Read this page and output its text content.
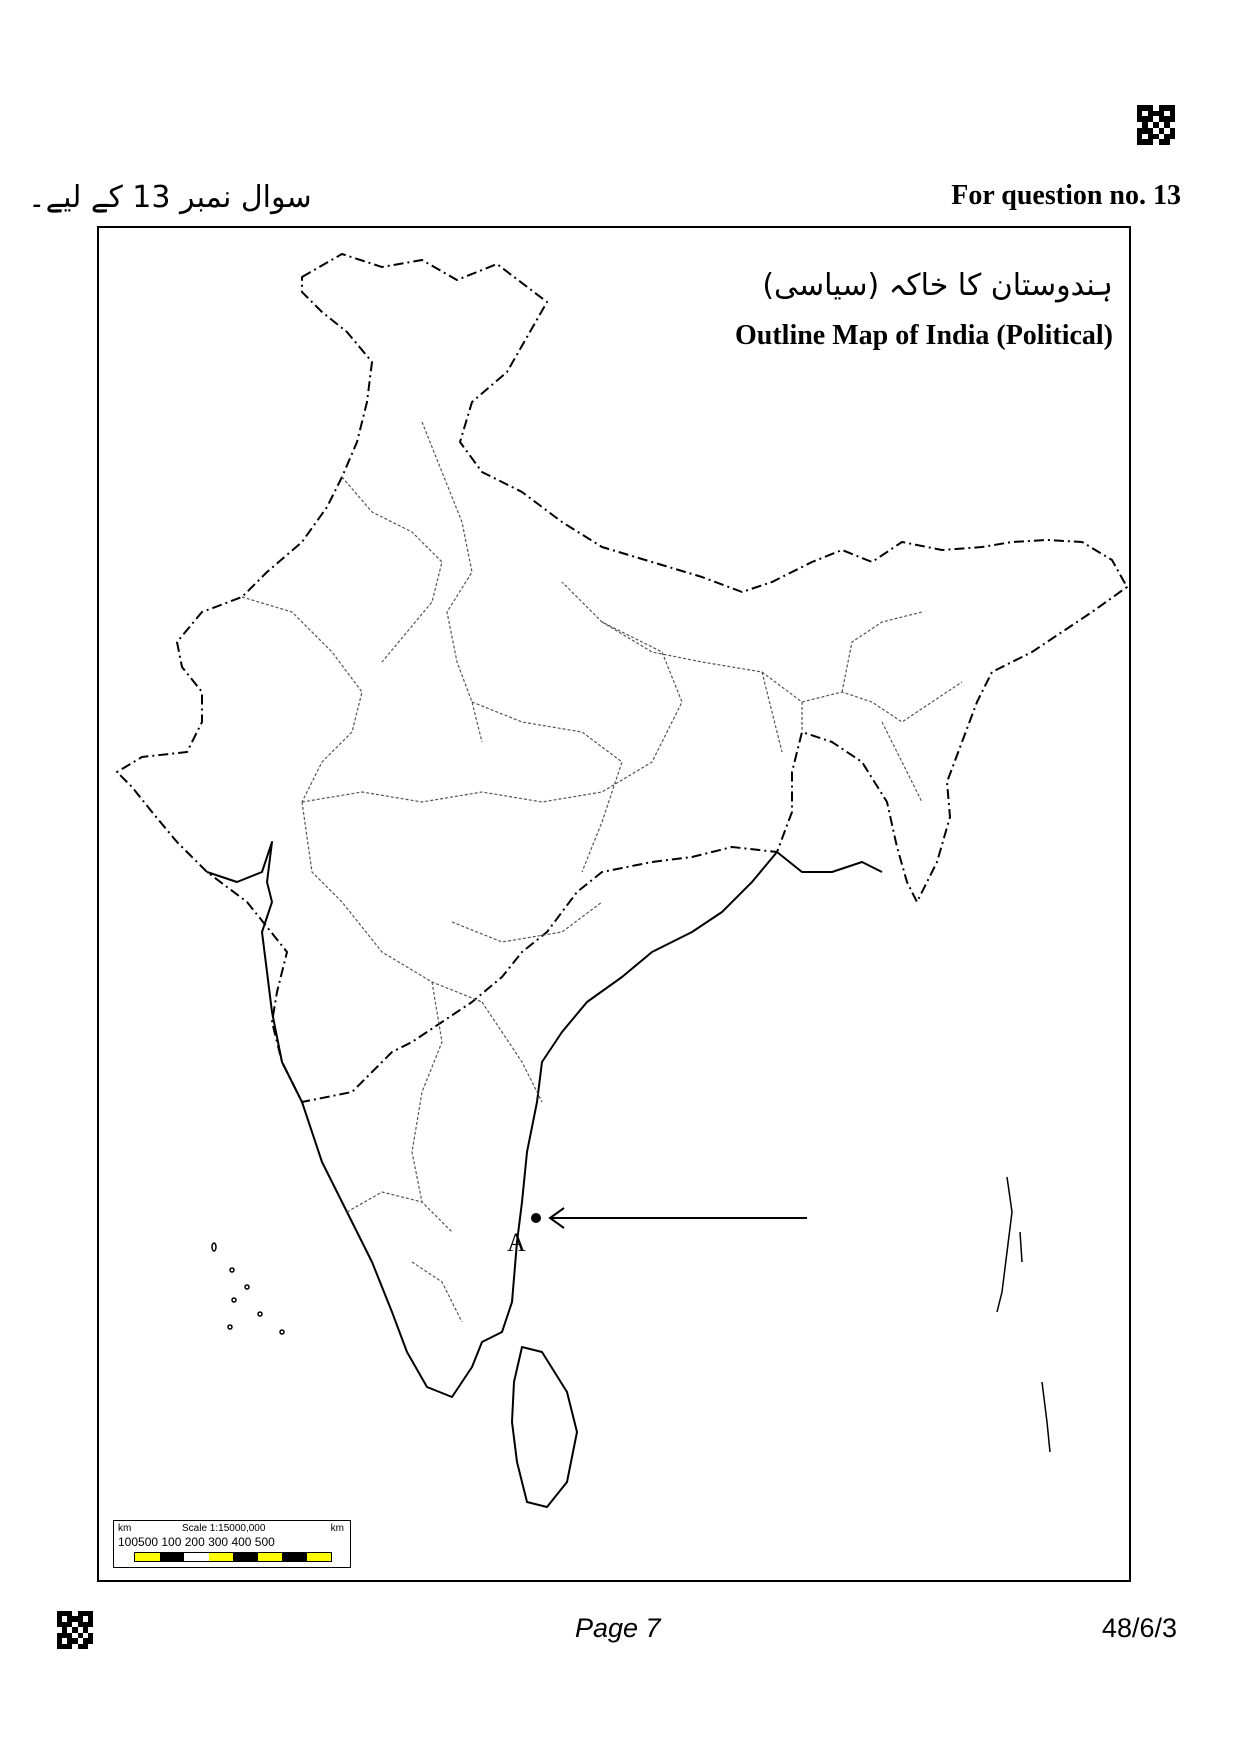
سوال نمبر 13 کے لیے۔	For question no. 13
ہندوستان کا خاکہ (سیاسی)
Outline Map of India (Political)
A
km	Scale 1:15000,000	km
100500 100 200 300 400 500
Page 7	48/6/3
